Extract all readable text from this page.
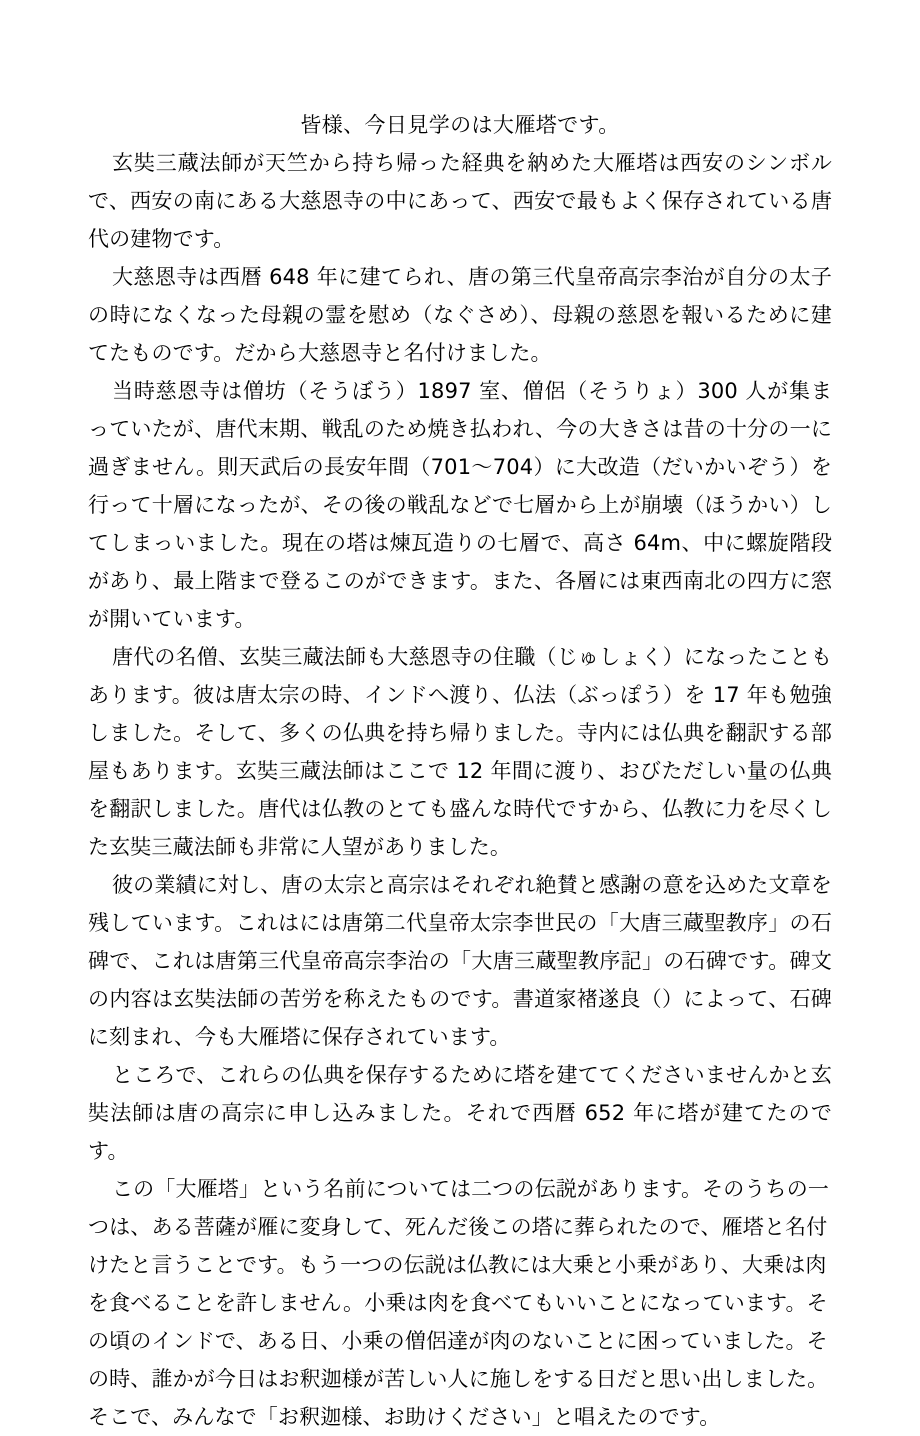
皆様、今日見学のは大雁塔です。

玄奘三蔵法師が天竺から持ち帰った経典を納めた大雁塔は西安のシンボルで、西安の南にある大慈恩寺の中にあって、西安で最もよく保存されている唐代の建物です。

大慈恩寺は西暦 648 年に建てられ、唐の第三代皇帝高宗李治が自分の太子の時になくなった母親の霊を慰め（なぐさめ）、母親の慈恩を報いるために建てたものです。だから大慈恩寺と名付けました。

当時慈恩寺は僧坊（そうぼう）1897 室、僧侶（そうりょ）300 人が集まっていたが、唐代末期、戦乱のため焼き払われ、今の大きさは昔の十分の一に過ぎません。則天武后の長安年間（701〜704）に大改造（だいかいぞう）を行って十層になったが、その後の戦乱などで七層から上が崩壊（ほうかい）してしまっいました。現在の塔は煉瓦造りの七層で、高さ 64m、中に螺旋階段があり、最上階まで登るこのができます。また、各層には東西南北の四方に窓が開いています。

唐代の名僧、玄奘三蔵法師も大慈恩寺の住職（じゅしょく）になったこともあります。彼は唐太宗の時、インドへ渡り、仏法（ぶっぽう）を 17 年も勉強しました。そして、多くの仏典を持ち帰りました。寺内には仏典を翻訳する部屋もあります。玄奘三蔵法師はここで 12 年間に渡り、おびただしい量の仏典を翻訳しました。唐代は仏教のとても盛んな時代ですから、仏教に力を尽くした玄奘三蔵法師も非常に人望がありました。

彼の業績に対し、唐の太宗と高宗はそれぞれ絶賛と感謝の意を込めた文章を残しています。これはには唐第二代皇帝太宗李世民の「大唐三蔵聖教序」の石碑で、これは唐第三代皇帝高宗李治の「大唐三蔵聖教序記」の石碑です。碑文の内容は玄奘法師の苦労を称えたものです。書道家褚遂良（）によって、石碑に刻まれ、今も大雁塔に保存されています。

ところで、これらの仏典を保存するために塔を建ててくださいませんかと玄奘法師は唐の高宗に申し込みました。それで西暦 652 年に塔が建てたのです。

この「大雁塔」という名前については二つの伝説があります。そのうちの一つは、ある菩薩が雁に変身して、死んだ後この塔に葬られたので、雁塔と名付けたと言うことです。もう一つの伝説は仏教には大乗と小乗があり、大乗は肉を食べることを許しません。小乗は肉を食べてもいいことになっています。その頃のインドで、ある日、小乗の僧侶達が肉のないことに困っていました。その時、誰かが今日はお釈迦様が苦しい人に施しをする日だと思い出しました。そこで、みんなで「お釈迦様、お助けください」と唱えたのです。
